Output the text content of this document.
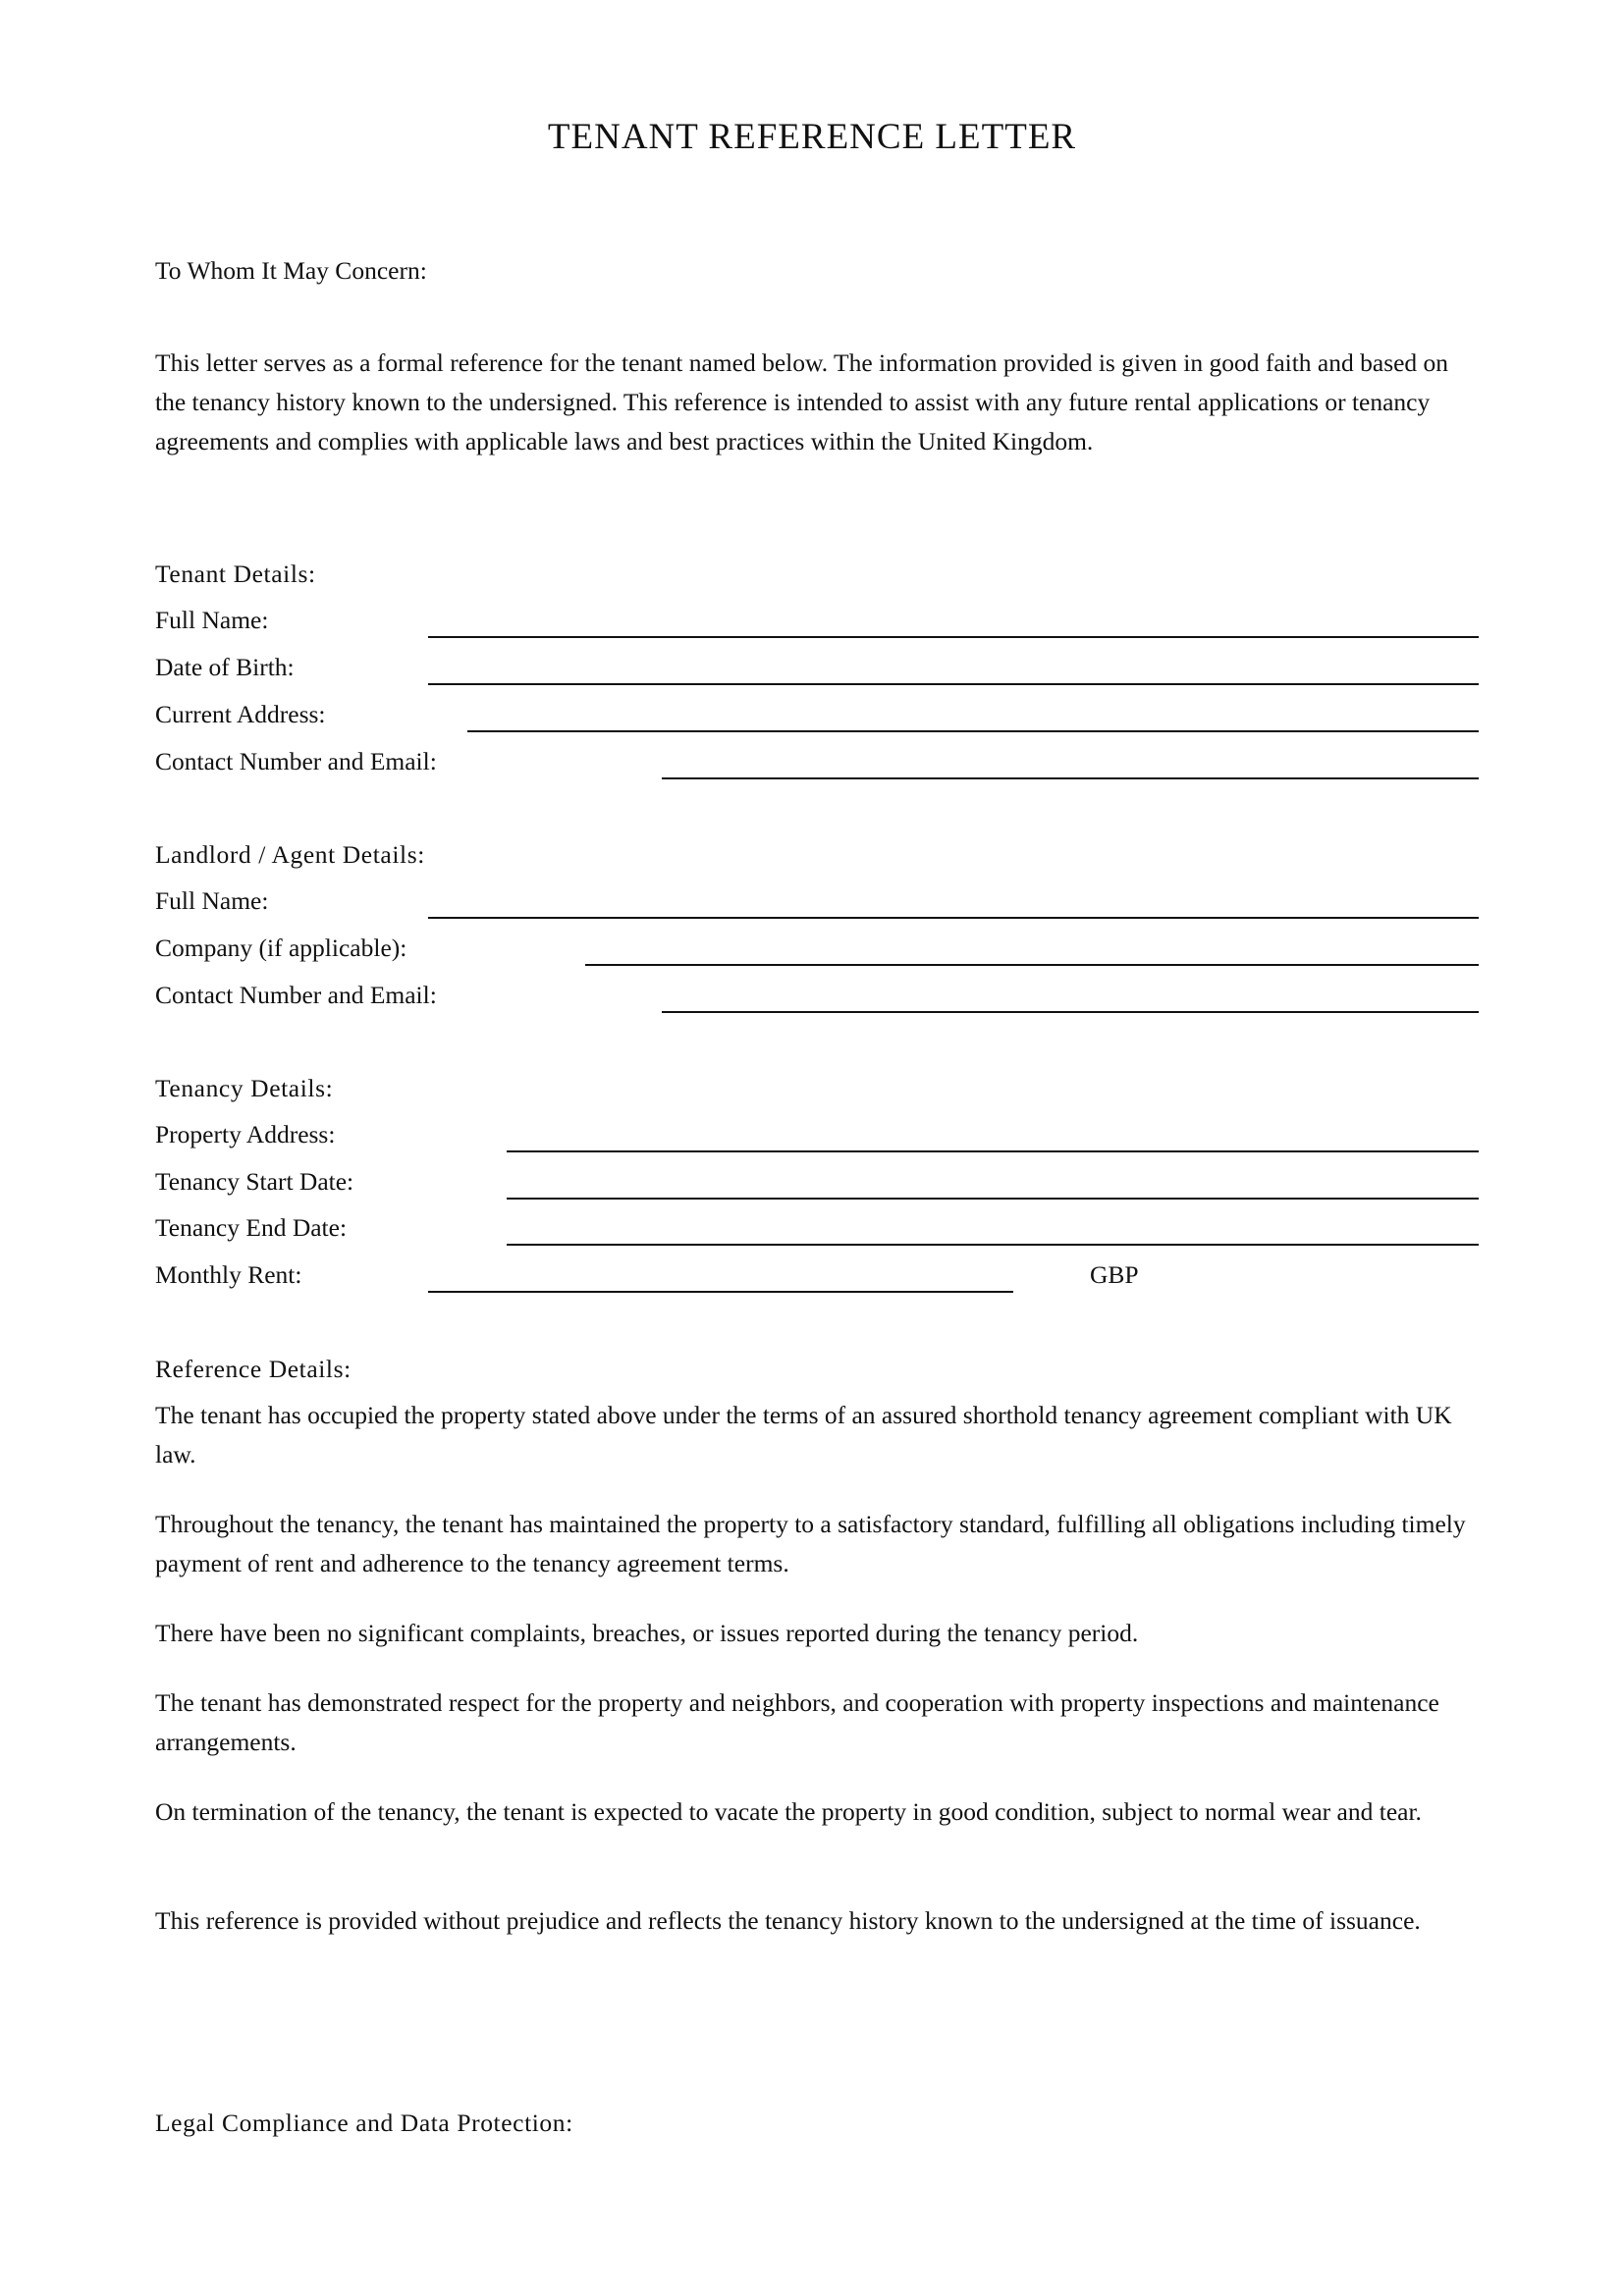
TENANT REFERENCE LETTER
To Whom It May Concern:
This letter serves as a formal reference for the tenant named below. The information provided is given in good faith and based on the tenancy history known to the undersigned. This reference is intended to assist with any future rental applications or tenancy agreements and complies with applicable laws and best practices within the United Kingdom.
Tenant Details:
Full Name:
Date of Birth:
Current Address:
Contact Number and Email:
Landlord / Agent Details:
Full Name:
Company (if applicable):
Contact Number and Email:
Tenancy Details:
Property Address:
Tenancy Start Date:
Tenancy End Date:
Monthly Rent:	GBP
Reference Details:
The tenant has occupied the property stated above under the terms of an assured shorthold tenancy agreement compliant with UK law.
Throughout the tenancy, the tenant has maintained the property to a satisfactory standard, fulfilling all obligations including timely payment of rent and adherence to the tenancy agreement terms.
There have been no significant complaints, breaches, or issues reported during the tenancy period.
The tenant has demonstrated respect for the property and neighbors, and cooperation with property inspections and maintenance arrangements.
On termination of the tenancy, the tenant is expected to vacate the property in good condition, subject to normal wear and tear.
This reference is provided without prejudice and reflects the tenancy history known to the undersigned at the time of issuance.
Legal Compliance and Data Protection:
